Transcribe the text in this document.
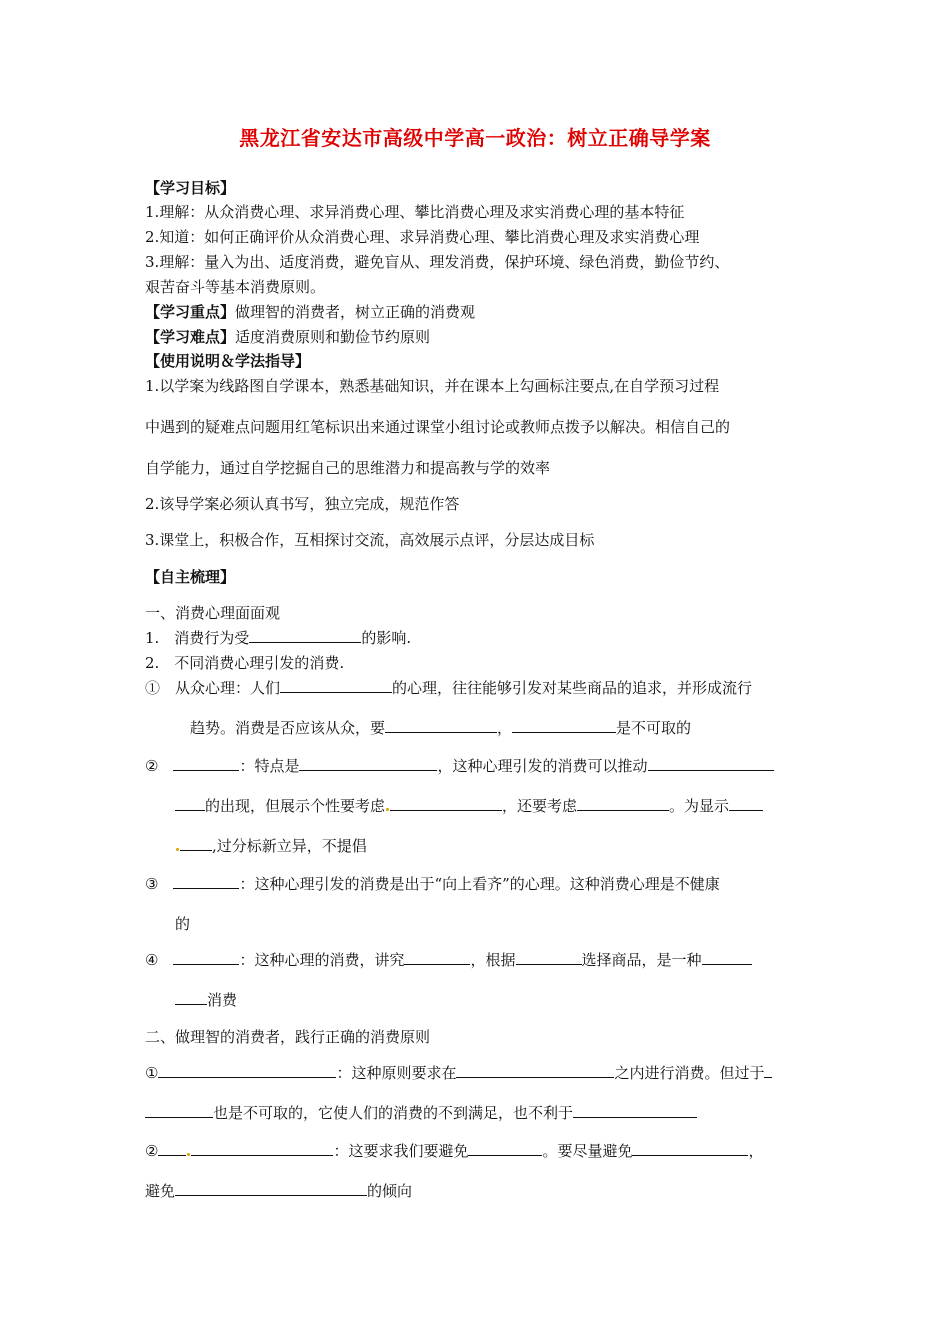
黑龙江省安达市高级中学高一政治：树立正确导学案
【学习目标】
1.理解：从众消费心理、求异消费心理、攀比消费心理及求实消费心理的基本特征
2.知道：如何正确评价从众消费心理、求异消费心理、攀比消费心理及求实消费心理
3.理解：量入为出、适度消费，避免盲从、理发消费，保护环境、绿色消费，勤俭节约、
艰苦奋斗等基本消费原则。
【学习重点】做理智的消费者，树立正确的消费观
【学习难点】适度消费原则和勤俭节约原则
【使用说明＆学法指导】
1.以学案为线路图自学课本，熟悉基础知识，并在课本上勾画标注要点,在自学预习过程
中遇到的疑难点问题用红笔标识出来通过课堂小组讨论或教师点拨予以解决。相信自己的
自学能力，通过自学挖掘自己的思维潜力和提高教与学的效率
2.该导学案必须认真书写，独立完成，规范作答
3.课堂上，积极合作，互相探讨交流，高效展示点评，分层达成目标
【自主梳理】
一、消费心理面面观
1.　消费行为受	的影响.
2.　不同消费心理引发的消费.
①　从众心理：人们	的心理，往往能够引发对某些商品的追求，并形成流行
趋势。消费是否应该从众，要	，	是不可取的
②　	：特点是	，这种心理引发的消费可以推动
的出现，但展示个性要考虑	，还要考虑	。为显示
,过分标新立异，不提倡
③　	：这种心理引发的消费是出于“向上看齐”的心理。这种消费心理是不健康
的
④　	：这种心理的消费，讲究	，根据	选择商品，是一种
消费
二、做理智的消费者，践行正确的消费原则
①	：这种原则要求在	之内进行消费。但过于
也是不可取的，它使人们的消费的不到满足，也不利于
②	：这要求我们要避免	。要尽量避免	，
避免	的倾向
